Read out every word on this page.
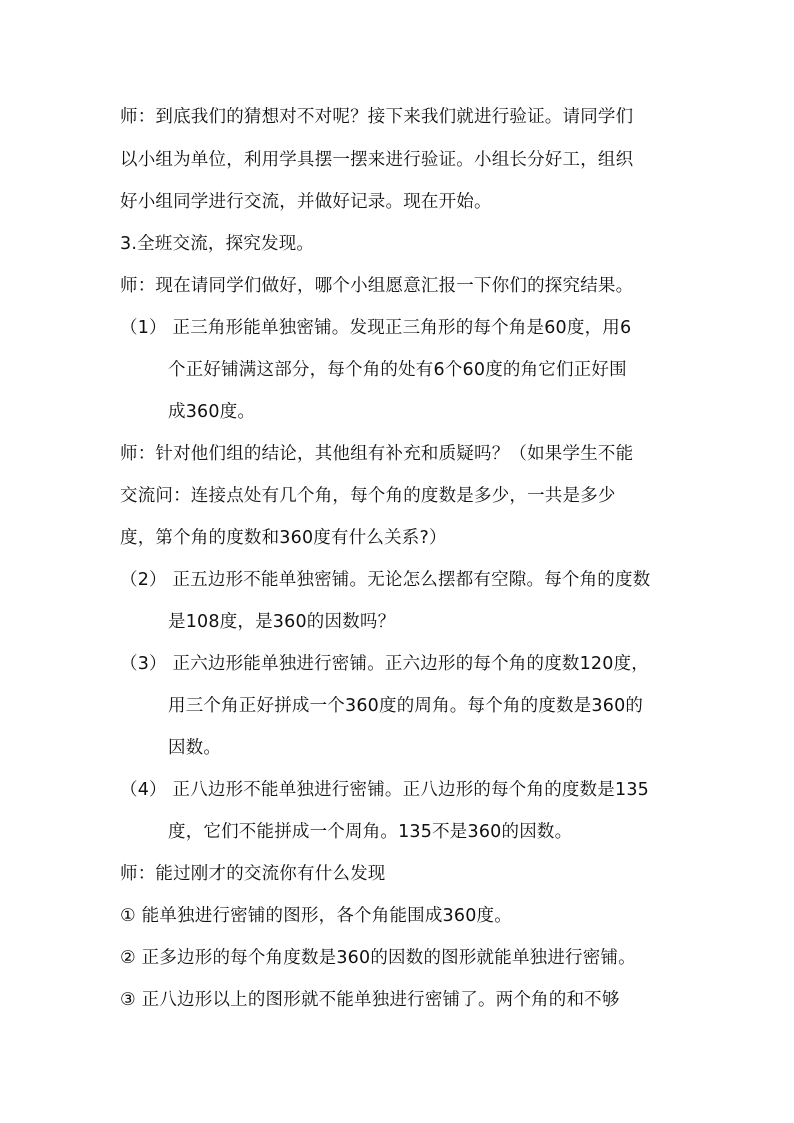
师：到底我们的猜想对不对呢？接下来我们就进行验证。请同学们
以小组为单位，利用学具摆一摆来进行验证。小组长分好工，组织
好小组同学进行交流，并做好记录。现在开始。
3.全班交流，探究发现。
师：现在请同学们做好，哪个小组愿意汇报一下你们的探究结果。
（1） 正三角形能单独密铺。发现正三角形的每个角是60度，用6
个正好铺满这部分，每个角的处有6个60度的角它们正好围
成360度。
师：针对他们组的结论，其他组有补充和质疑吗？（如果学生不能
交流问：连接点处有几个角，每个角的度数是多少，一共是多少
度，第个角的度数和360度有什么关系?）
（2） 正五边形不能单独密铺。无论怎么摆都有空隙。每个角的度数
是108度，是360的因数吗？
（3） 正六边形能单独进行密铺。正六边形的每个角的度数120度，
用三个角正好拼成一个360度的周角。每个角的度数是360的
因数。
（4） 正八边形不能单独进行密铺。正八边形的每个角的度数是135
度，它们不能拼成一个周角。135不是360的因数。
师：能过刚才的交流你有什么发现
① 能单独进行密铺的图形，各个角能围成360度。
② 正多边形的每个角度数是360的因数的图形就能单独进行密铺。
③ 正八边形以上的图形就不能单独进行密铺了。两个角的和不够
